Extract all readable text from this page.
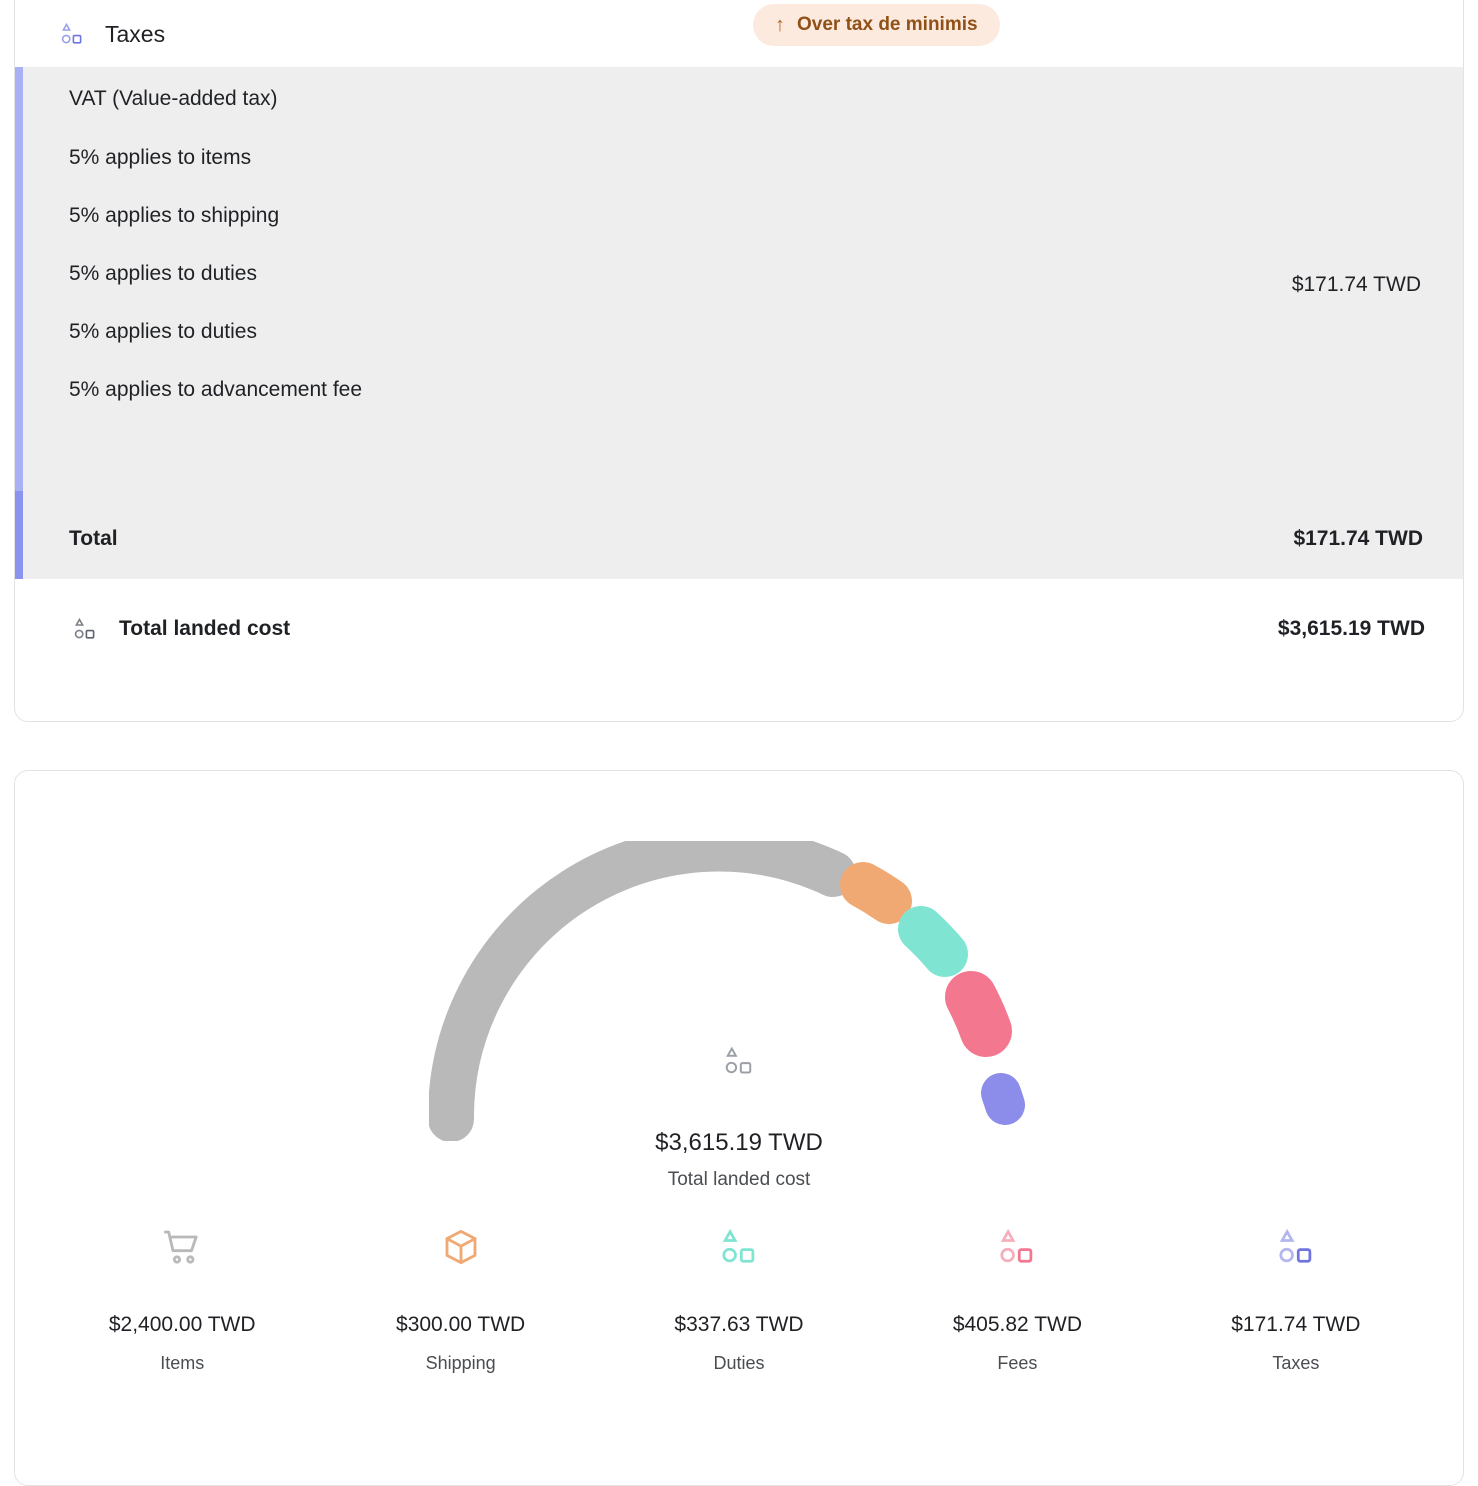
Taxes	↑ Over tax de minimis
VAT (Value-added tax)
5% applies to items
5% applies to shipping
5% applies to duties
5% applies to duties
5% applies to advancement fee
$171.74 TWD
Total	$171.74 TWD
Total landed cost	$3,615.19 TWD
$3,615.19 TWD
Total landed cost
$2,400.00 TWD
Items
$300.00 TWD
Shipping
$337.63 TWD
Duties
$405.82 TWD
Fees
$171.74 TWD
Taxes
